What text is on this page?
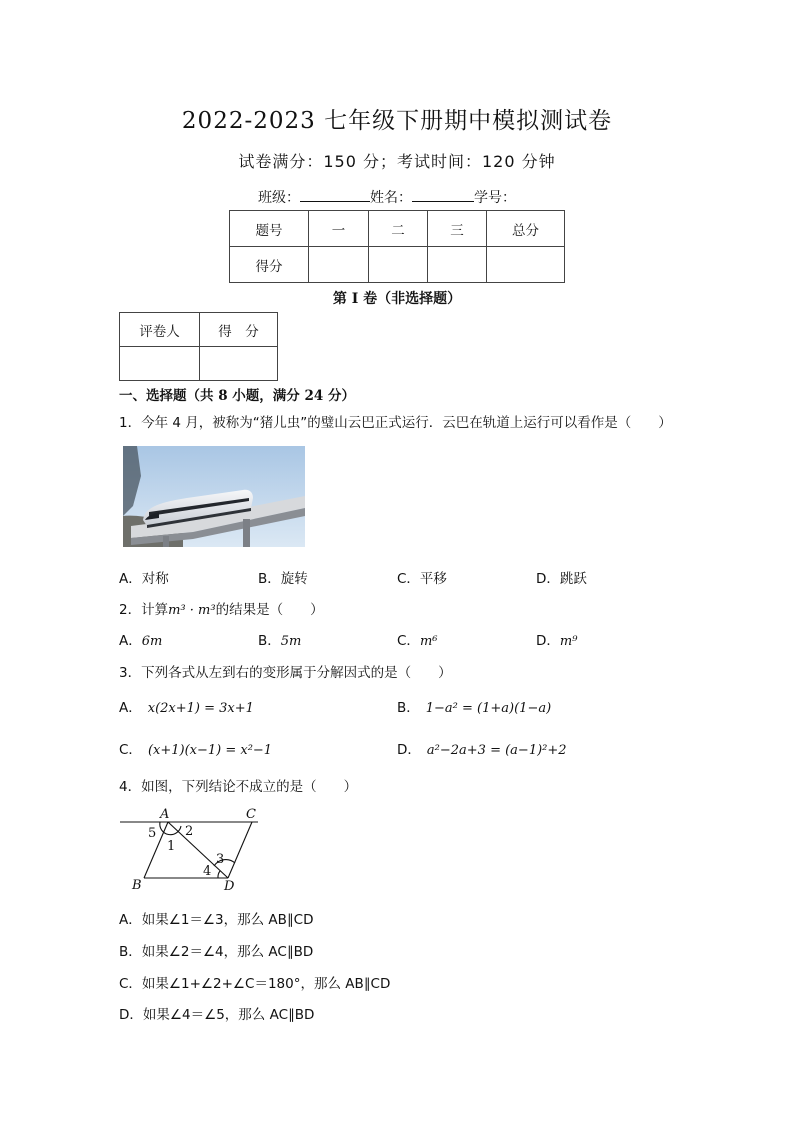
2022-2023 七年级下册期中模拟测试卷
试卷满分：150 分；考试时间：120 分钟
班级：	姓名：	学号：
题号	一	二	三	总分
得分				
第 I 卷（非选择题）
评卷人	得　分

一、选择题（共 8 小题，满分 24 分）
1．今年 4 月，被称为“猪儿虫”的璧山云巴正式运行．云巴在轨道上运行可以看作是（　　）
A．对称	B．旋转	C．平移	D．跳跃
2．计算m³ · m³的结果是（　　）
A．6m	B．5m	C．m⁶	D．m⁹
3．下列各式从左到右的变形属于分解因式的是（　　）
A． x(2x+1) = 3x+1	B． 1−a² = (1+a)(1−a)
C． (x+1)(x−1) = x²−1	D． a²−2a+3 = (a−1)²+2
4．如图，下列结论不成立的是（　　）
A	C
B	D
1
2
3
4
5
A．如果∠1＝∠3，那么 AB∥CD
B．如果∠2＝∠4，那么 AC∥BD
C．如果∠1+∠2+∠C＝180°，那么 AB∥CD
D．如果∠4＝∠5，那么 AC∥BD
